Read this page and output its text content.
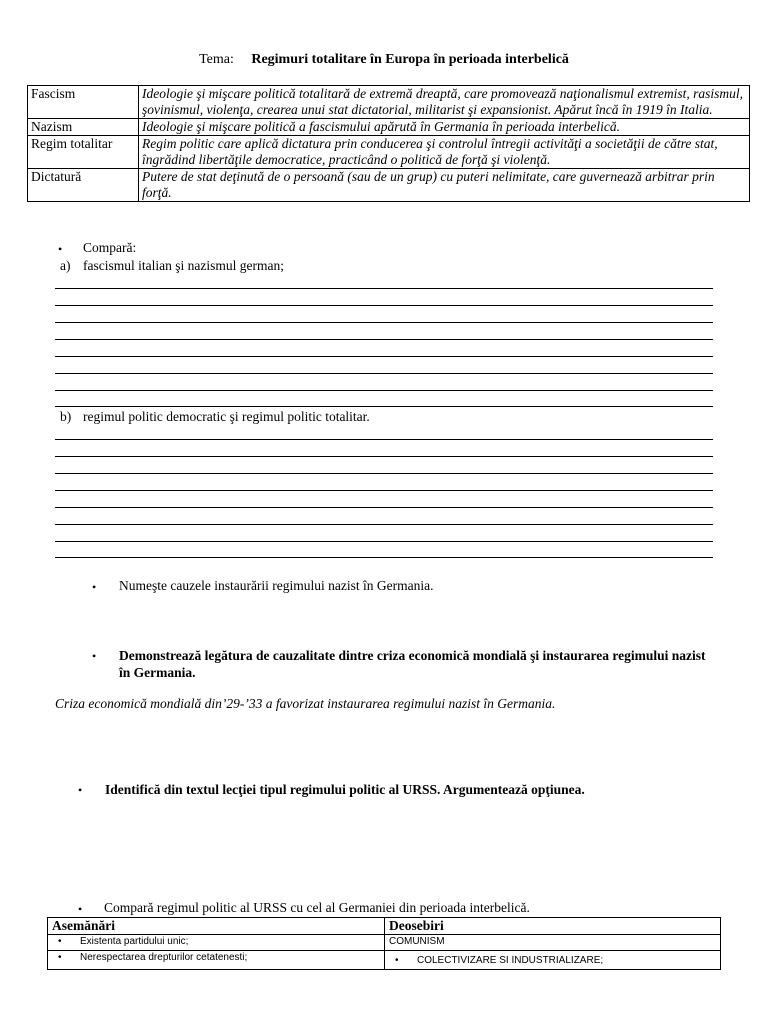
Tema: Regimuri totalitare în Europa în perioada interbelică
Fascism	Ideologie şi mişcare politică totalitară de extremă dreaptă, care promovează naţionalismul extremist, rasismul, şovinismul, violenţa, crearea unui stat dictatorial, militarist şi expansionist. Apărut încă în 1919 în Italia.
Nazism	Ideologie şi mişcare politică a fascismului apărută în Germania în perioada interbelică.
Regim totalitar	Regim politic care aplică dictatura prin conducerea şi controlul întregii activităţi a societăţii de către stat, îngrădind libertăţile democratice, practicând o politică de forţă şi violenţă.
Dictatură	Putere de stat deţinută de o persoană (sau de un grup) cu puteri nelimitate, care guvernează arbitrar prin forţă.
• Compară:
a) fascismul italian şi nazismul german;
b) regimul politic democratic şi regimul politic totalitar.
• Numeşte cauzele instaurării regimului nazist în Germania.
• Demonstrează legătura de cauzalitate dintre criza economică mondială şi instaurarea regimului nazist în Germania.
Criza economică mondială din’29-’33 a favorizat instaurarea regimului nazist în Germania.
• Identifică din textul lecţiei tipul regimului politic al URSS. Argumentează opţiunea.
• Compară regimul politic al URSS cu cel al Germaniei din perioada interbelică.
Asemănări	Deosebiri
• Existenta partidului unic;	COMUNISM
• Nerespectarea drepturilor cetatenesti;	• COLECTIVIZARE SI INDUSTRIALIZARE;
